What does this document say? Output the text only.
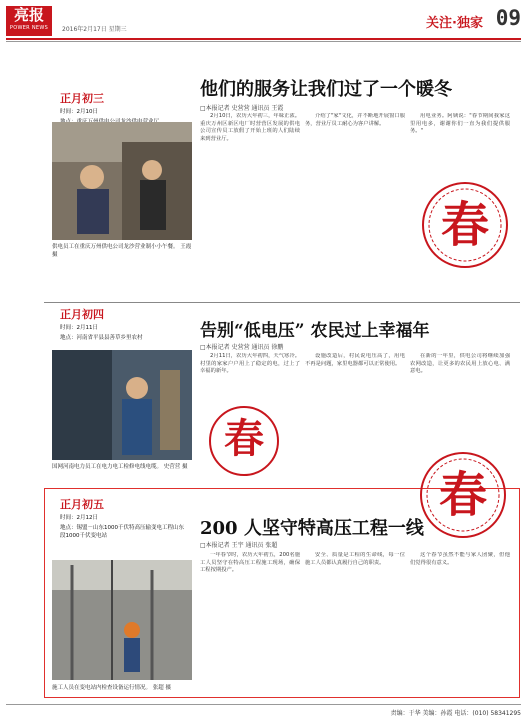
亮报
POWER NEWS	2016年2月17日 星期三	关注·独家 09
正月初三
时间：2月10日
他们的服务让我们过了一个暖冬
□本报记者 史营营 通讯员 王霞
供电员工在重庆万州供电公司龙沙营业制小小午餐。 王霞 摄

2月10日，农历大年初三，年味正浓。重庆万州区新区电厂时营营区发展的供电公司宣传员工放假了开始上班的人们陆续来到营业厅。

介绍了"家"文化，并不断地开展窗口服务，营业厅员工耐心为客户讲解。

用电业务。阿姨说："春节期间我家这里用电多，谢谢你们一直为我们提供服务。"

春
正月初四
时间：2月11日
地点：河南省平县县善草乡里农村	告别“低电压” 农民过上幸福年
□本报记者 史营营 通讯员 徐鹏
国网河南电力员工在电力电工检修电线电缆。 史营营 摄

2月11日，农历大年初四，天气寒冷。村里的家家户户用上了稳定的电，过上了幸福的新年。

设施改造后，村民说电压高了，用电不再是问题，家里电器都可以正常使用。

在新的一年里，供电公司将继续加强农网改造，让更多的农民用上放心电、满意电。

春
正月初五
时间：2月12日
地点：锡盟－山东1000千伏特高压输变电工程山东段1000千伏变电站	200 人坚守特高压工程一线
□本报记者 王宇 通讯员 张超
施工人员在变电站内检查设备运行情况。 张超 摄

一年春节时，农历大年初五，200名施工人员坚守在特高压工程施工现场，确保工程按期投产。

安全、质量是工程的生命线，每一位施工人员都认真履行自己的职责。

这个春节虽然不能与家人团聚，但他们觉得很有意义。

春
责编：于华 美编：孙霞 电话：(010) 58341295
